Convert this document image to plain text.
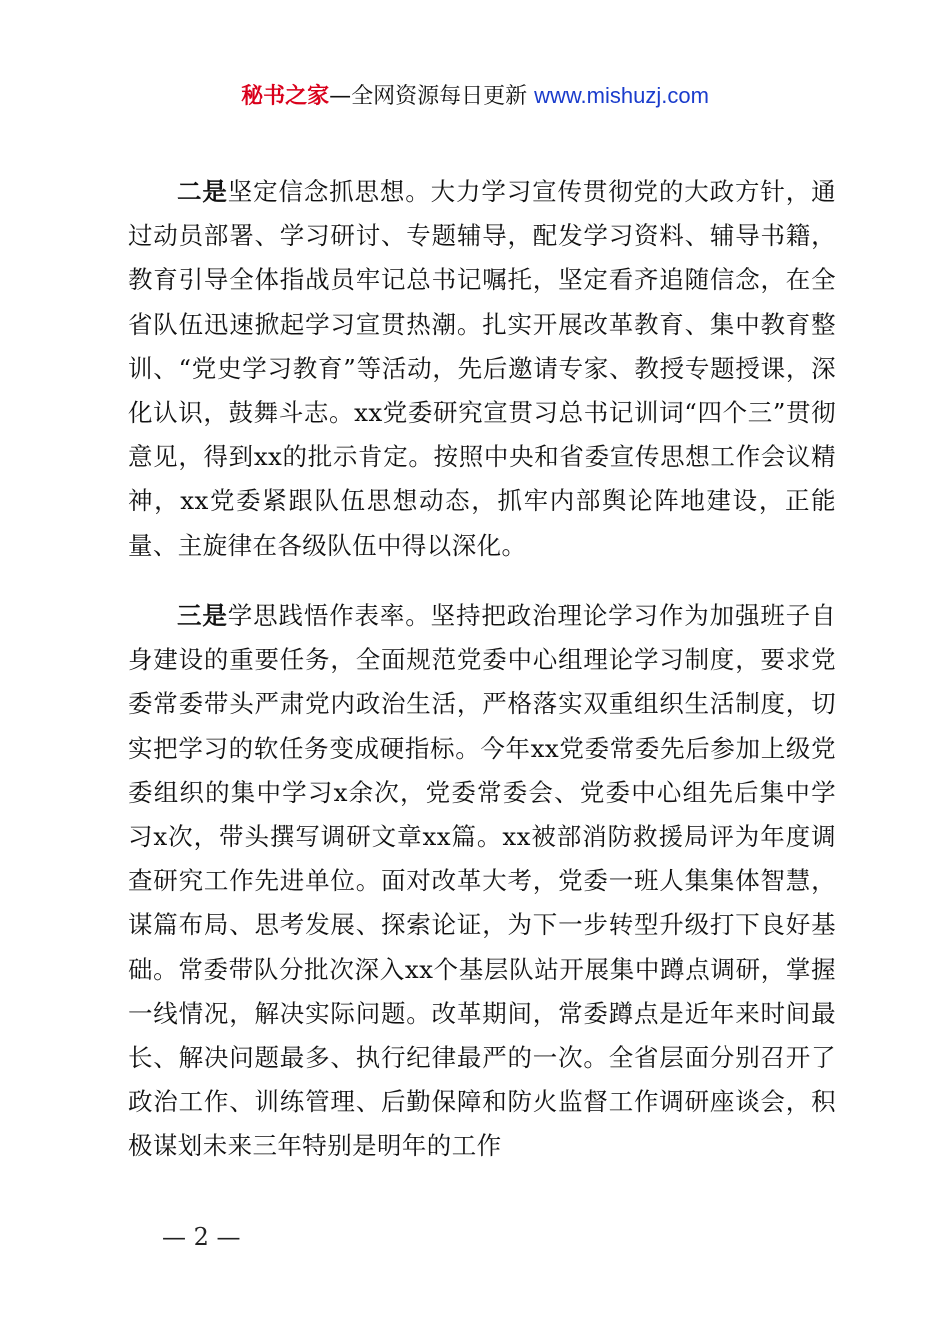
秘书之家—全网资源每日更新 www.mishuzj.com

二是坚定信念抓思想。大力学习宣传贯彻党的大政方针，通过动员部署、学习研讨、专题辅导，配发学习资料、辅导书籍，教育引导全体指战员牢记总书记嘱托，坚定看齐追随信念，在全省队伍迅速掀起学习宣贯热潮。扎实开展改革教育、集中教育整训、“党史学习教育”等活动，先后邀请专家、教授专题授课，深化认识，鼓舞斗志。xx党委研究宣贯习总书记训词“四个三”贯彻意见，得到xx的批示肯定。按照中央和省委宣传思想工作会议精神，xx党委紧跟队伍思想动态，抓牢内部舆论阵地建设，正能量、主旋律在各级队伍中得以深化。

三是学思践悟作表率。坚持把政治理论学习作为加强班子自身建设的重要任务，全面规范党委中心组理论学习制度，要求党委常委带头严肃党内政治生活，严格落实双重组织生活制度，切实把学习的软任务变成硬指标。今年xx党委常委先后参加上级党委组织的集中学习x余次，党委常委会、党委中心组先后集中学习x次，带头撰写调研文章xx篇。xx被部消防救援局评为年度调查研究工作先进单位。面对改革大考，党委一班人集集体智慧，谋篇布局、思考发展、探索论证，为下一步转型升级打下良好基础。常委带队分批次深入xx个基层队站开展集中蹲点调研，掌握一线情况，解决实际问题。改革期间，常委蹲点是近年来时间最长、解决问题最多、执行纪律最严的一次。全省层面分别召开了政治工作、训练管理、后勤保障和防火监督工作调研座谈会，积极谋划未来三年特别是明年的工作

— 2 —
